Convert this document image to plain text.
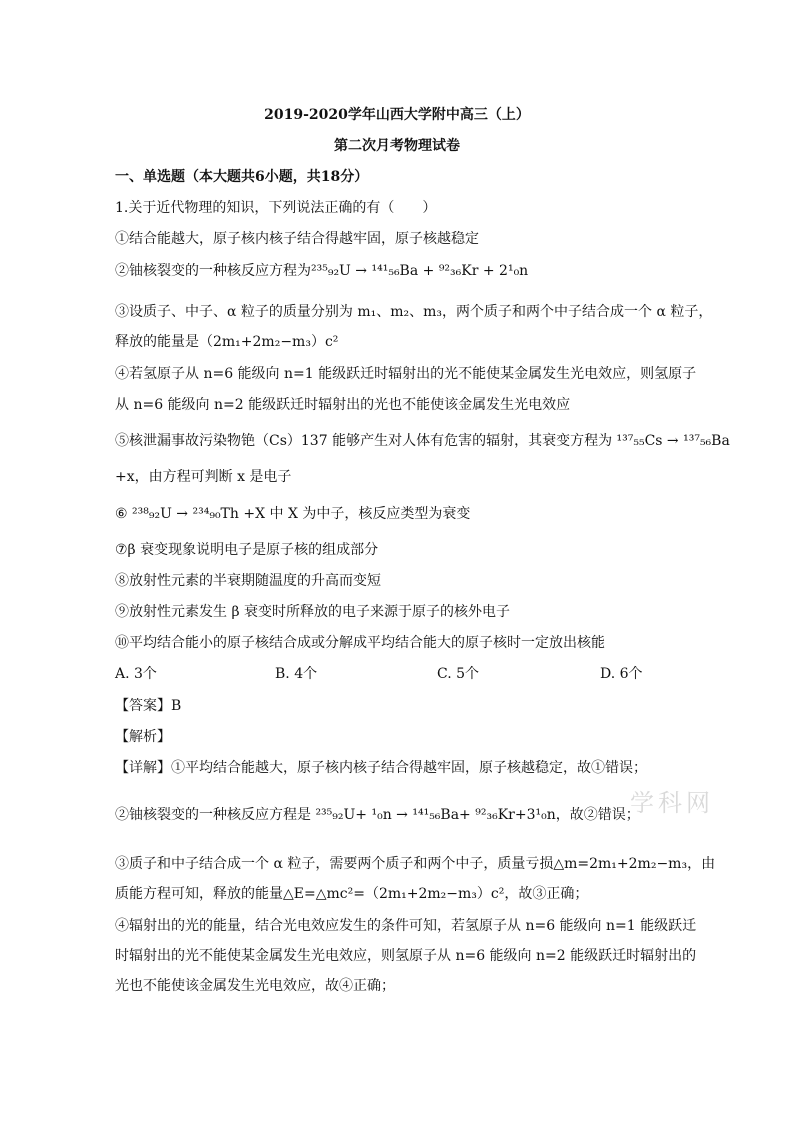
2019-2020学年山西大学附中高三（上）
第二次月考物理试卷
一、单选题（本大题共6小题，共18分）
1.关于近代物理的知识，下列说法正确的有（　　）
①结合能越大，原子核内核子结合得越牢固，原子核越稳定
②铀核裂变的一种核反应方程为²³⁵₉₂U → ¹⁴¹₅₆Ba + ⁹²₃₆Kr + 2¹₀n
③设质子、中子、α 粒子的质量分别为 m₁、m₂、m₃，两个质子和两个中子结合成一个 α 粒子，
释放的能量是（2m₁+2m₂−m₃）c²
④若氢原子从 n=6 能级向 n=1 能级跃迁时辐射出的光不能使某金属发生光电效应，则氢原子
从 n=6 能级向 n=2 能级跃迁时辐射出的光也不能使该金属发生光电效应
⑤核泄漏事故污染物铯（Cs）137 能够产生对人体有危害的辐射，其衰变方程为 ¹³⁷₅₅Cs → ¹³⁷₅₆Ba
+x，由方程可判断 x 是电子
⑥ ²³⁸₉₂U → ²³⁴₉₀Th +X 中 X 为中子，核反应类型为衰变
⑦β 衰变现象说明电子是原子核的组成部分
⑧放射性元素的半衰期随温度的升高而变短
⑨放射性元素发生 β 衰变时所释放的电子来源于原子的核外电子
⑩平均结合能小的原子核结合成或分解成平均结合能大的原子核时一定放出核能
A. 3个	B. 4个	C. 5个	D. 6个
【答案】B
【解析】
【详解】①平均结合能越大，原子核内核子结合得越牢固，原子核越稳定，故①错误；
学科网
②铀核裂变的一种核反应方程是 ²³⁵₉₂U+ ¹₀n → ¹⁴¹₅₆Ba+ ⁹²₃₆Kr+3¹₀n，故②错误；
③质子和中子结合成一个 α 粒子，需要两个质子和两个中子，质量亏损△m=2m₁+2m₂−m₃，由
质能方程可知，释放的能量△E=△mc²=（2m₁+2m₂−m₃）c²，故③正确；
④辐射出的光的能量，结合光电效应发生的条件可知，若氢原子从 n=6 能级向 n=1 能级跃迁
时辐射出的光不能使某金属发生光电效应，则氢原子从 n=6 能级向 n=2 能级跃迁时辐射出的
光也不能使该金属发生光电效应，故④正确；
